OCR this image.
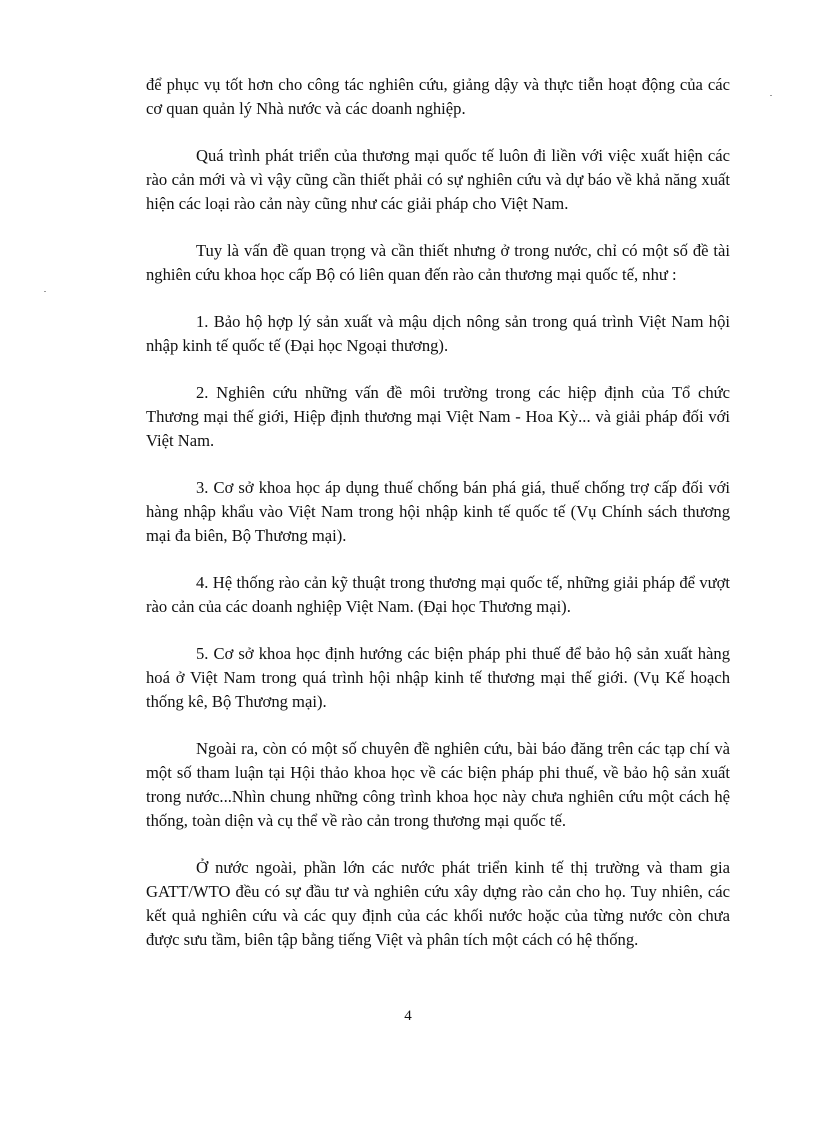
để phục vụ tốt hơn cho công tác nghiên cứu, giảng dậy và thực tiễn hoạt động của các cơ quan quản lý Nhà nước và các doanh nghiệp.

Quá trình phát triển của thương mại quốc tế luôn đi liền với việc xuất hiện các rào cản mới và vì vậy cũng cần thiết phải có sự nghiên cứu và dự báo về khả năng xuất hiện các loại rào cản này cũng như các giải pháp cho Việt Nam.

Tuy là vấn đề quan trọng và cần thiết nhưng ở trong nước, chỉ có một số đề tài nghiên cứu khoa học cấp Bộ có liên quan đến rào cản thương mại quốc tế, như :

1. Bảo hộ hợp lý sản xuất và mậu dịch nông sản trong quá trình Việt Nam hội nhập kinh tế quốc tế (Đại học Ngoại thương).

2. Nghiên cứu những vấn đề môi trường trong các hiệp định của Tổ chức Thương mại thế giới, Hiệp định thương mại Việt Nam - Hoa Kỳ... và giải pháp đối với Việt Nam.

3. Cơ sở khoa học áp dụng thuế chống bán phá giá, thuế chống trợ cấp đối với hàng nhập khẩu vào Việt Nam trong hội nhập kinh tế quốc tế (Vụ Chính sách thương mại đa biên, Bộ Thương mại).

4. Hệ thống rào cản kỹ thuật trong thương mại quốc tế, những giải pháp để vượt rào cản của các doanh nghiệp Việt Nam. (Đại học Thương mại).

5. Cơ sở khoa học định hướng các biện pháp phi thuế để bảo hộ sản xuất hàng hoá ở Việt Nam trong quá trình hội nhập kinh tế thương mại thế giới. (Vụ Kế hoạch thống kê, Bộ Thương mại).

Ngoài ra, còn có một số chuyên đề nghiên cứu, bài báo đăng trên các tạp chí và một số tham luận tại Hội thảo khoa học về các biện pháp phi thuế, về bảo hộ sản xuất trong nước...Nhìn chung những công trình khoa học này chưa nghiên cứu một cách hệ thống, toàn diện và cụ thể về rào cản trong thương mại quốc tế.

Ở nước ngoài, phần lớn các nước phát triển kinh tế thị trường và tham gia GATT/WTO đều có sự đầu tư và nghiên cứu xây dựng rào cản cho họ. Tuy nhiên, các kết quả nghiên cứu và các quy định của các khối nước hoặc của từng nước còn chưa được sưu tầm, biên tập bằng tiếng Việt và phân tích một cách có hệ thống.

4
